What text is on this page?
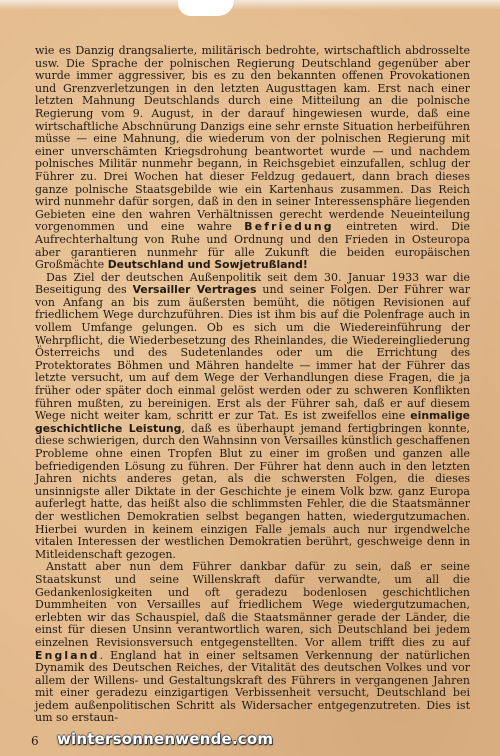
wie es Danzig drangsalierte, militärisch bedrohte, wirtschaftlich abdrosselte usw. Die Sprache der polnischen Regierung Deutschland gegenüber aber wurde immer aggressiver, bis es zu den bekannten offenen Provokationen und Grenzverletzungen in den letzten Augusttagen kam. Erst nach einer letzten Mahnung Deutschlands durch eine Mitteilung an die polnische Regierung vom 9. August, in der darauf hingewiesen wurde, daß eine wirtschaftliche Abschnürung Danzigs eine sehr ernste Situation herbeiführen müsse — eine Mahnung, die wiederum von der polnischen Regierung mit einer unverschämten Kriegsdrohung beantwortet wurde — und nachdem polnisches Militär nunmehr begann, in Reichsgebiet einzufallen, schlug der Führer zu. Drei Wochen hat dieser Feldzug gedauert, dann brach dieses ganze polnische Staatsgebilde wie ein Kartenhaus zusammen. Das Reich wird nunmehr dafür sorgen, daß in den in seiner Interessensphäre liegenden Gebieten eine den wahren Verhältnissen gerecht werdende Neueinteilung vorgenommen und eine wahre Befriedung eintreten wird. Die Aufrechterhaltung von Ruhe und Ordnung und den Frieden in Osteuropa aber garantieren nunmehr für alle Zukunft die beiden europäischen Großmächte Deutschland und Sowjetrußland!

Das Ziel der deutschen Außenpolitik seit dem 30. Januar 1933 war die Beseitigung des Versailler Vertrages und seiner Folgen. Der Führer war von Anfang an bis zum äußersten bemüht, die nötigen Revisionen auf friedlichem Wege durchzuführen. Dies ist ihm bis auf die Polenfrage auch in vollem Umfange gelungen. Ob es sich um die Wiedereinführung der Wehrpflicht, die Wiederbesetzung des Rheinlandes, die Wiedereingliederung Österreichs und des Sudetenlandes oder um die Errichtung des Protektorates Böhmen und Mähren handelte — immer hat der Führer das letzte versucht, um auf dem Wege der Verhandlungen diese Fragen, die ja früher oder später doch einmal gelöst werden oder zu schweren Konflikten führen mußten, zu bereinigen. Erst als der Führer sah, daß er auf diesem Wege nicht weiter kam, schritt er zur Tat. Es ist zweifellos eine einmalige geschichtliche Leistung, daß es überhaupt jemand fertigbringen konnte, diese schwierigen, durch den Wahnsinn von Versailles künstlich geschaffenen Probleme ohne einen Tropfen Blut zu einer im großen und ganzen alle befriedigenden Lösung zu führen. Der Führer hat denn auch in den letzten Jahren nichts anderes getan, als die schwersten Folgen, die dieses unsinnigste aller Diktate in der Geschichte je einem Volk bzw. ganz Europa auferlegt hatte, das heißt also die schlimmsten Fehler, die die Staatsmänner der westlichen Demokratien selbst begangen hatten, wiedergutzumachen. Hierbei wurden in keinem einzigen Falle jemals auch nur irgendwelche vitalen Interessen der westlichen Demokratien berührt, geschweige denn in Mitleidenschaft gezogen.

Anstatt aber nun dem Führer dankbar dafür zu sein, daß er seine Staatskunst und seine Willenskraft dafür verwandte, um all die Gedankenlosigkeiten und oft geradezu bodenlosen geschichtlichen Dummheiten von Versailles auf friedlichem Wege wiedergutzumachen, erlebten wir das Schauspiel, daß die Staatsmänner gerade der Länder, die einst für diesen Unsinn verantwortlich waren, sich Deutschland bei jedem einzelnen Revisionsversuch entgegenstellten. Vor allem trifft dies zu auf England. England hat in einer seltsamen Verkennung der natürlichen Dynamik des Deutschen Reiches, der Vitalität des deutschen Volkes und vor allem der Willens- und Gestaltungskraft des Führers in vergangenen Jahren mit einer geradezu einzigartigen Verbissenheit versucht, Deutschland bei jedem außenpolitischen Schritt als Widersacher entgegenzutreten. Dies ist um so erstaun-

6 wintersonnenwende.com
